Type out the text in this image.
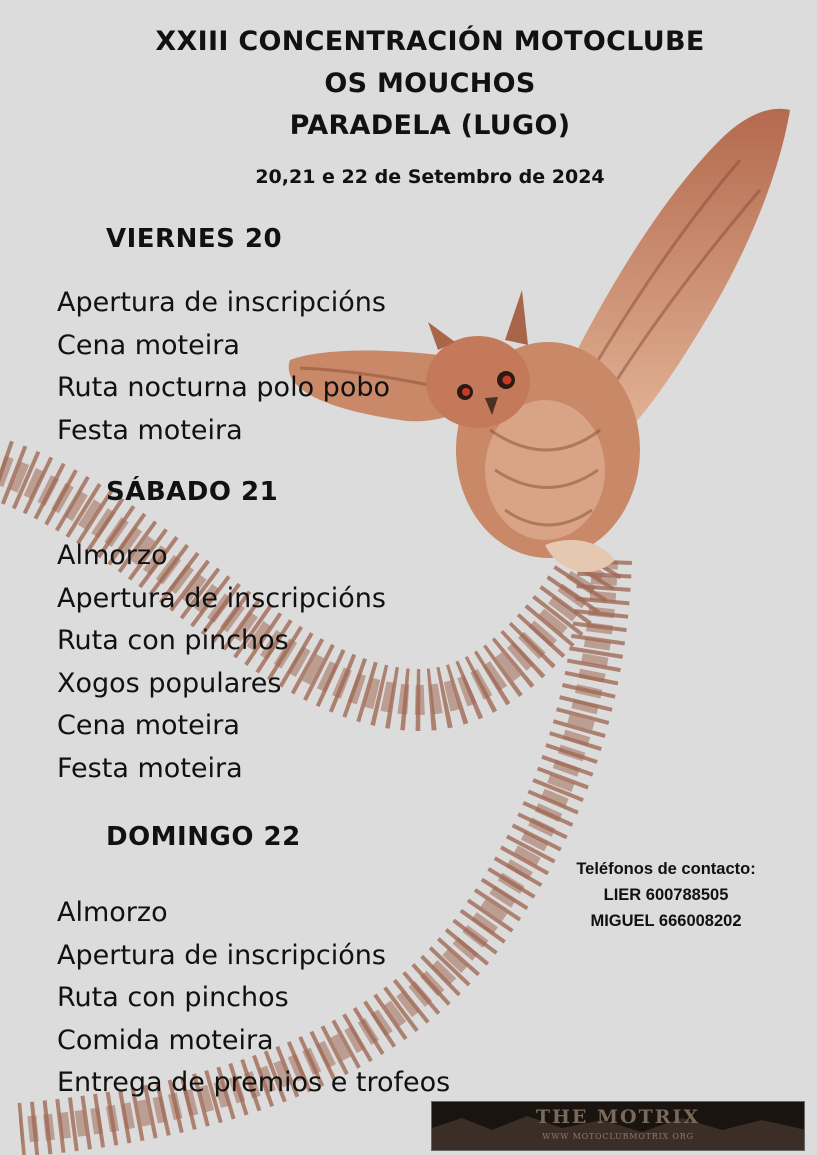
XXIII CONCENTRACIÓN MOTOCLUBE
OS MOUCHOS
PARADELA (LUGO)
20,21 e 22 de Setembro de 2024
VIERNES 20
Apertura de inscripcións
Cena moteira
Ruta nocturna polo pobo
Festa moteira
SÁBADO 21
Almorzo
Apertura de inscripcións
Ruta con pinchos
Xogos populares
Cena moteira
Festa moteira
DOMINGO 22
Almorzo
Apertura de inscripcións
Ruta con pinchos
Comida moteira
Entrega de premios e trofeos
Teléfonos de contacto:
LIER 600788505
MIGUEL 666008202
THE MOTRIX
WWW MOTOCLUBMOTRIX ORG
